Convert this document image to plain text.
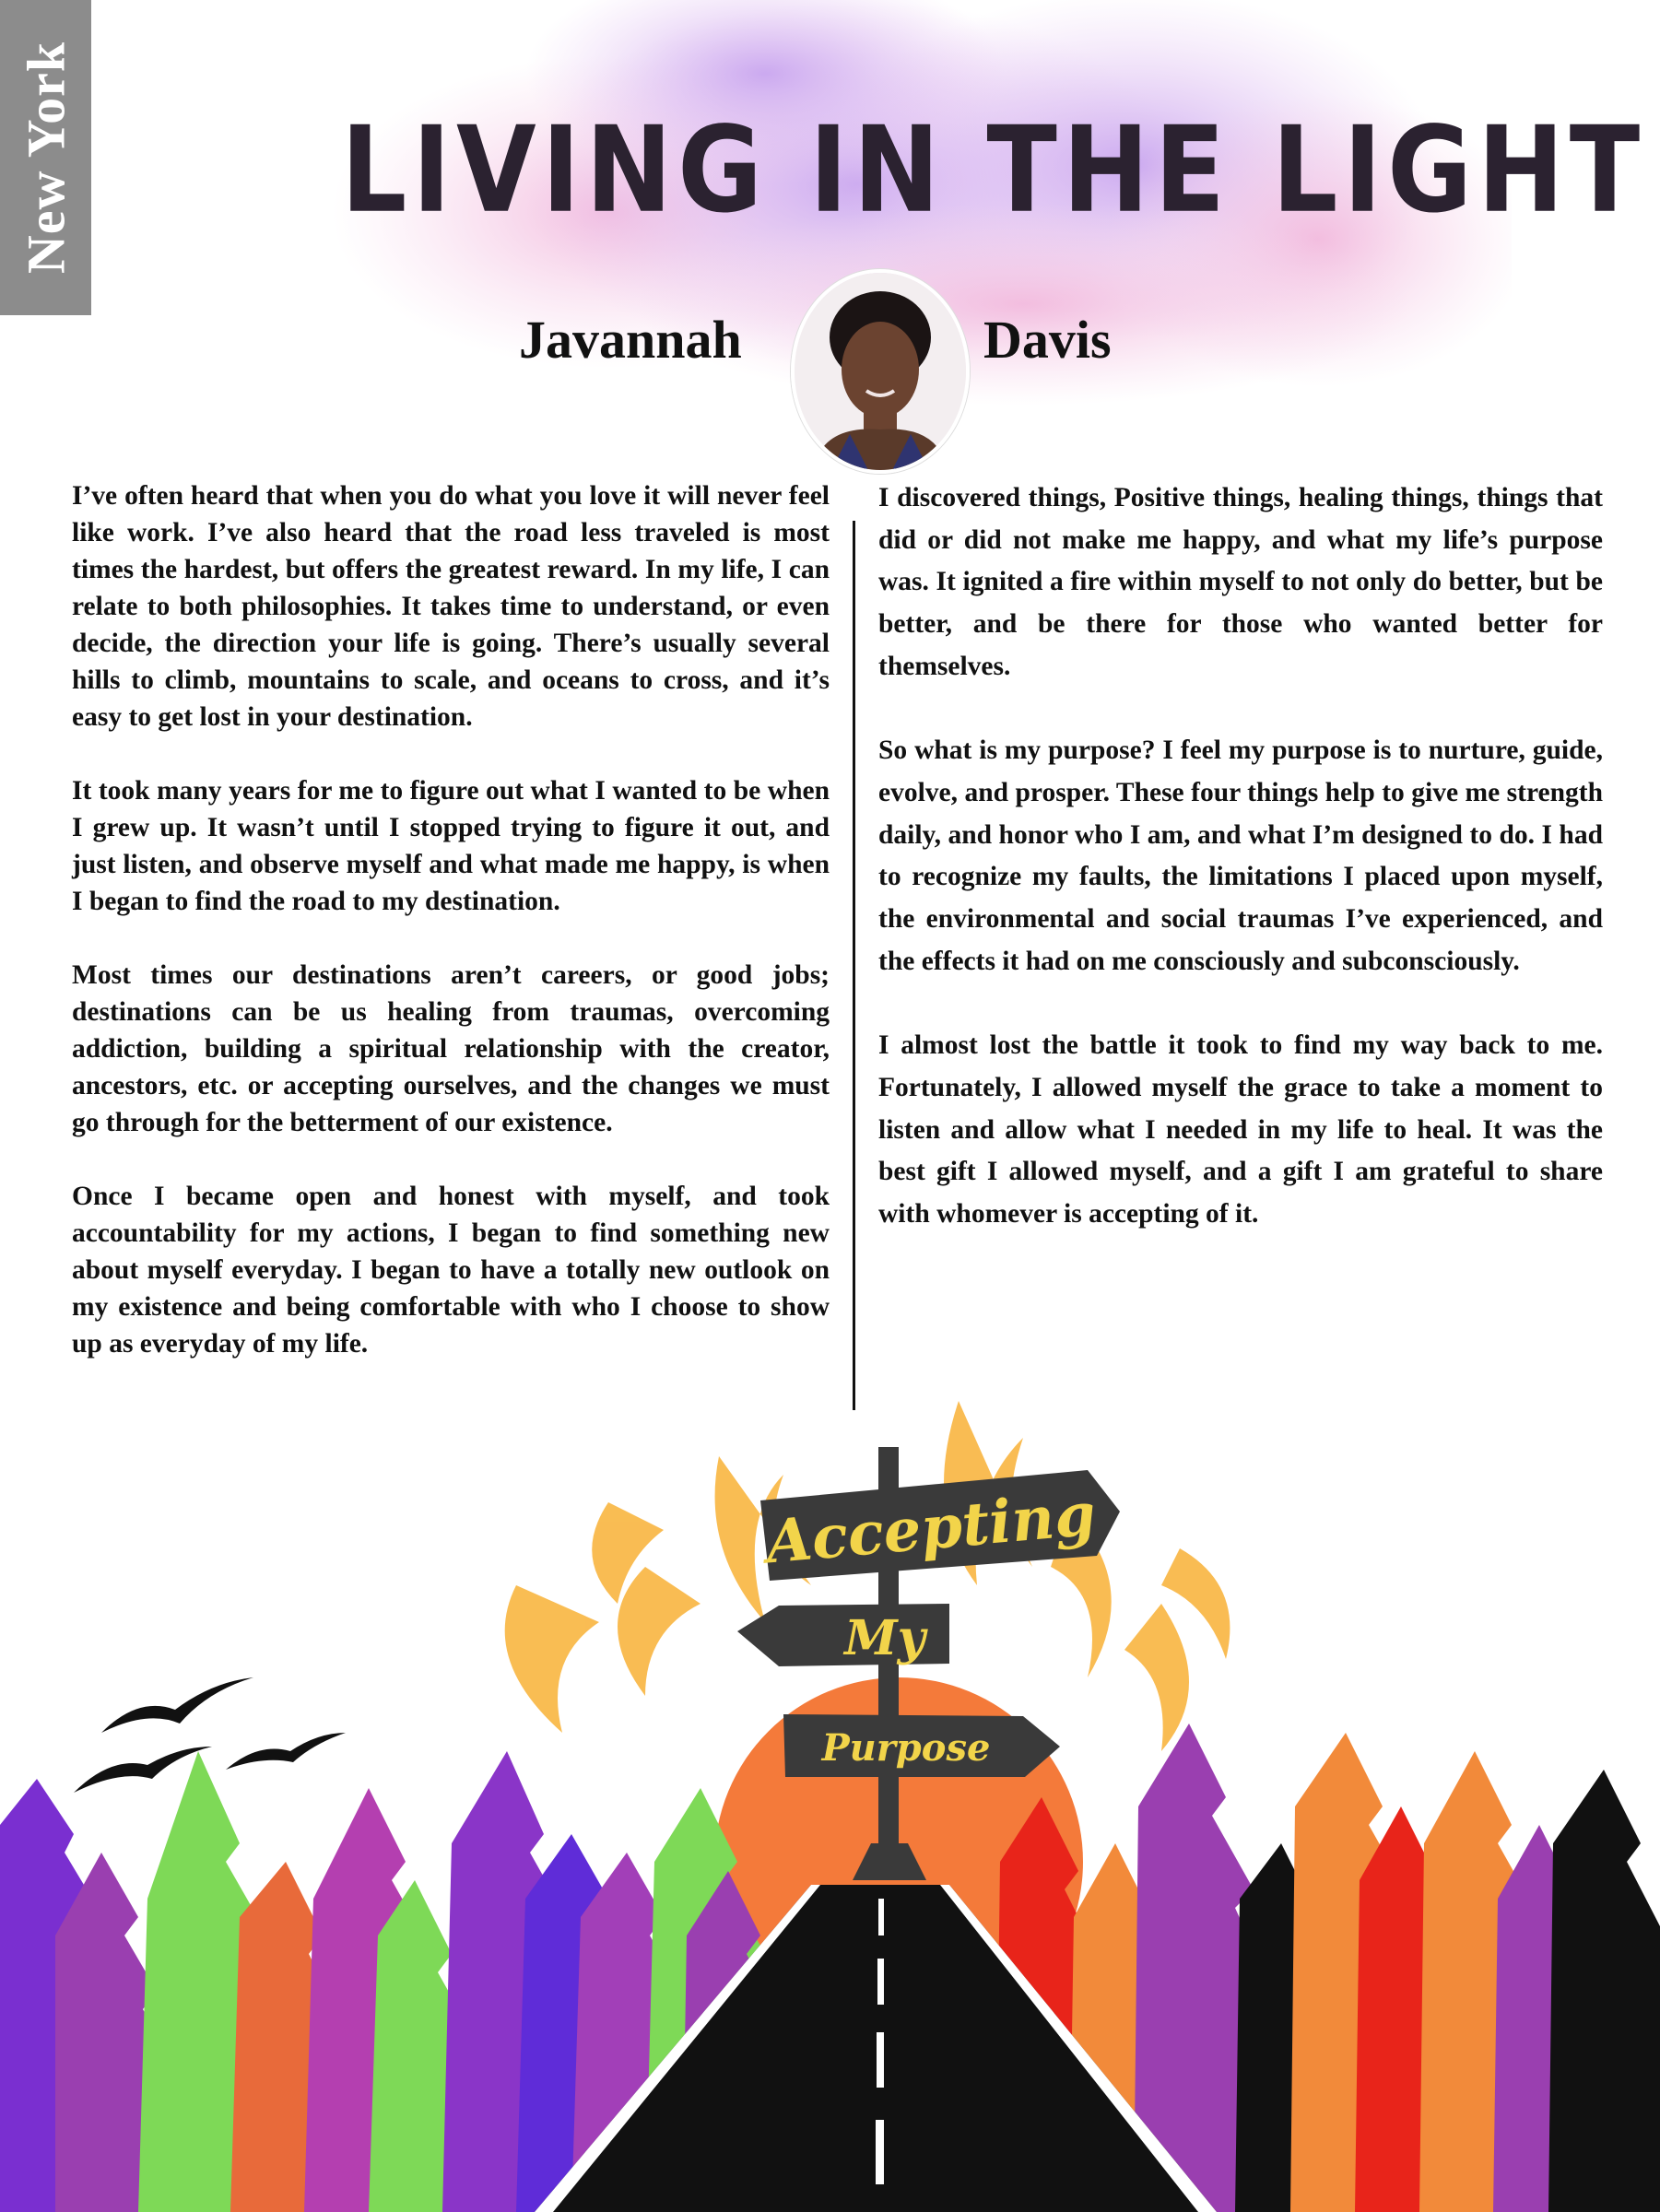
New York	LIVING IN THE LIGHT
Javannah	Davis

I’ve often heard that when you do what you love it will never feel like work. I’ve also heard that the road less traveled is most times the hardest, but offers the greatest reward. In my life, I can relate to both philosophies. It takes time to understand, or even decide, the direction your life is going. There’s usually several hills to climb, mountains to scale, and oceans to cross, and it’s easy to get lost in your destination.

It took many years for me to figure out what I wanted to be when I grew up. It wasn’t until I stopped trying to figure it out, and just listen, and observe myself and what made me happy, is when I began to find the road to my destination.

Most times our destinations aren’t careers, or good jobs; destinations can be us healing from traumas, overcoming addiction, building a spiritual relationship with the creator, ancestors, etc. or accepting ourselves, and the changes we must go through for the betterment of our existence.

Once I became open and honest with myself, and took accountability for my actions, I began to find something new about myself everyday. I began to have a totally new outlook on my existence and being comfortable with who I choose to show up as everyday of my life.

I discovered things, Positive things, healing things, things that did or did not make me happy, and what my life’s purpose was. It ignited a fire within myself to not only do better, but be better, and be there for those who wanted better for themselves.

So what is my purpose? I feel my purpose is to nurture, guide, evolve, and prosper. These four things help to give me strength daily, and honor who I am, and what I’m designed to do. I had to recognize my faults, the limitations I placed upon myself, the environmental and social traumas I’ve experienced, and the effects it had on me consciously and subconsciously.

I almost lost the battle it took to find my way back to me. Fortunately, I allowed myself the grace to take a moment to listen and allow what I needed in my life to heal. It was the best gift I allowed myself, and a gift I am grateful to share with whomever is accepting of it.

Accepting
My
Purpose
